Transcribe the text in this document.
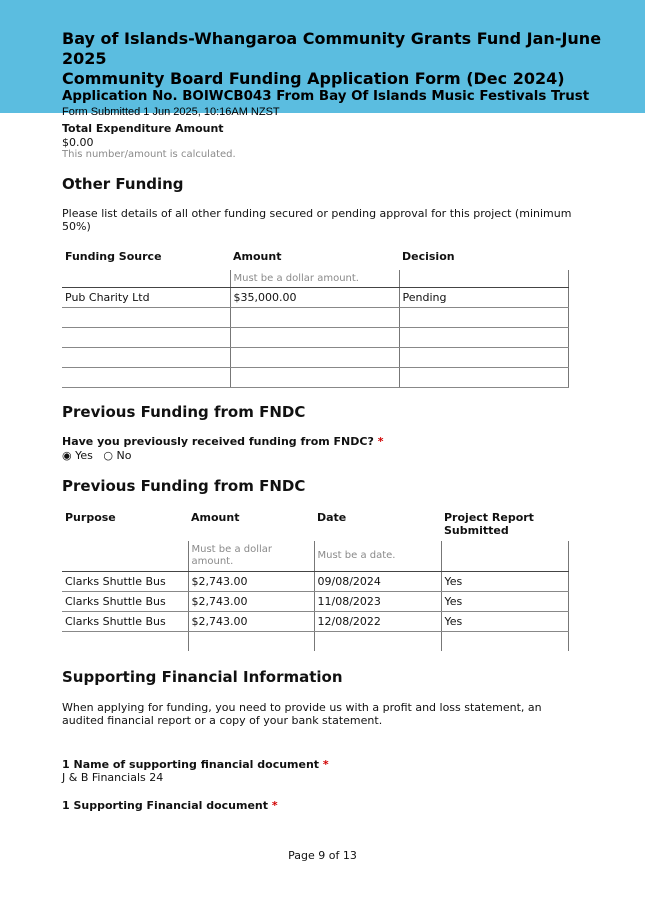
Bay of Islands-Whangaroa Community Grants Fund Jan-June 2025

Community Board Funding Application Form (Dec 2024)

Application No. BOIWCB043 From Bay Of Islands Music Festivals Trust

Form Submitted 1 Jun 2025, 10:16AM NZST

Total Expenditure Amount
$0.00
This number/amount is calculated.
Other Funding
Please list details of all other funding secured or pending approval for this project (minimum 50%)
Funding Source	Amount	Decision
	Must be a dollar amount.	
Pub Charity Ltd	$35,000.00	Pending

Previous Funding from FNDC
Have you previously received funding from FNDC? *
◉ Yes ○ No
Previous Funding from FNDC
Purpose	Amount	Date	Project Report Submitted
	Must be a dollar amount.	Must be a date.	
Clarks Shuttle Bus	$2,743.00	09/08/2024	Yes
Clarks Shuttle Bus	$2,743.00	11/08/2023	Yes
Clarks Shuttle Bus	$2,743.00	12/08/2022	Yes

Supporting Financial Information
When applying for funding, you need to provide us with a profit and loss statement, an audited financial report or a copy of your bank statement.
1 Name of supporting financial document *
J & B Financials 24
1 Supporting Financial document *
Page 9 of 13
